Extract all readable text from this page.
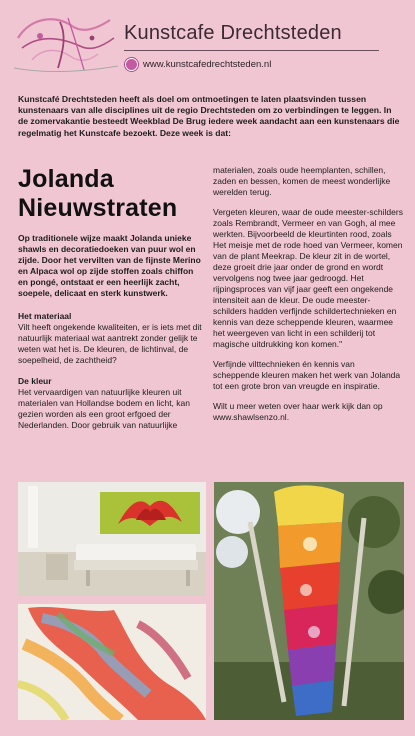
Kunstcafe Drechtsteden
www.kunstcafedrechtsteden.nl
Kunstcafé Drechtsteden heeft als doel om ontmoetingen te laten plaatsvinden tussen kunstenaars van alle disciplines uit de regio Drechtsteden om zo verbindingen te leggen. In de zomervakantie besteedt Weekblad De Brug iedere week aandacht aan een kunstenaars die regelmatig het Kunstcafe bezoekt. Deze week is dat:
Jolanda Nieuwstraten

Op traditionele wijze maakt Jolanda unieke shawls en decoratiedoeken van puur wol en zijde. Door het vervilten van de fijnste Merino en Alpaca wol op zijde stoffen zoals chiffon en pongé, ontstaat er een heerlijk zacht, soepele, delicaat en sterk kunstwerk.

Het materiaal

Vilt heeft ongekende kwaliteiten, er is iets met dit natuurlijk materiaal wat aantrekt zonder gelijk te weten wat het is. De kleuren, de lichtinval, de soepelheid, de zachtheid?

De kleur

Het vervaardigen van natuurlijke kleuren uit materialen van Hollandse bodem en licht, kan gezien worden als een groot erfgoed der Nederlanden. Door gebruik van natuurlijke

materialen, zoals oude heemplanten, schillen, zaden en bessen, komen de meest wonderlijke werelden terug.

Vergeten kleuren, waar de oude meester-schilders zoals Rembrandt, Vermeer en van Gogh, al mee werkten. Bijvoorbeeld de kleurtinten rood, zoals Het meisje met de rode hoed van Vermeer, komen van de plant Meekrap. De kleur zit in de wortel, deze groeit drie jaar onder de grond en wordt vervolgens nog twee jaar gedroogd. Het rijpingsproces van vijf jaar geeft een ongekende intensiteit aan de kleur. De oude meester-schilders hadden verfijnde schildertechnieken en kennis van deze scheppende kleuren, waarmee het weergeven van licht in een schilderij tot magische uitdrukking kon komen."

Verfijnde vilttechnieken én kennis van scheppende kleuren maken het werk van Jolanda tot een grote bron van vreugde en inspiratie.

Wilt u meer weten over haar werk kijk dan op www.shawlsenzo.nl.
